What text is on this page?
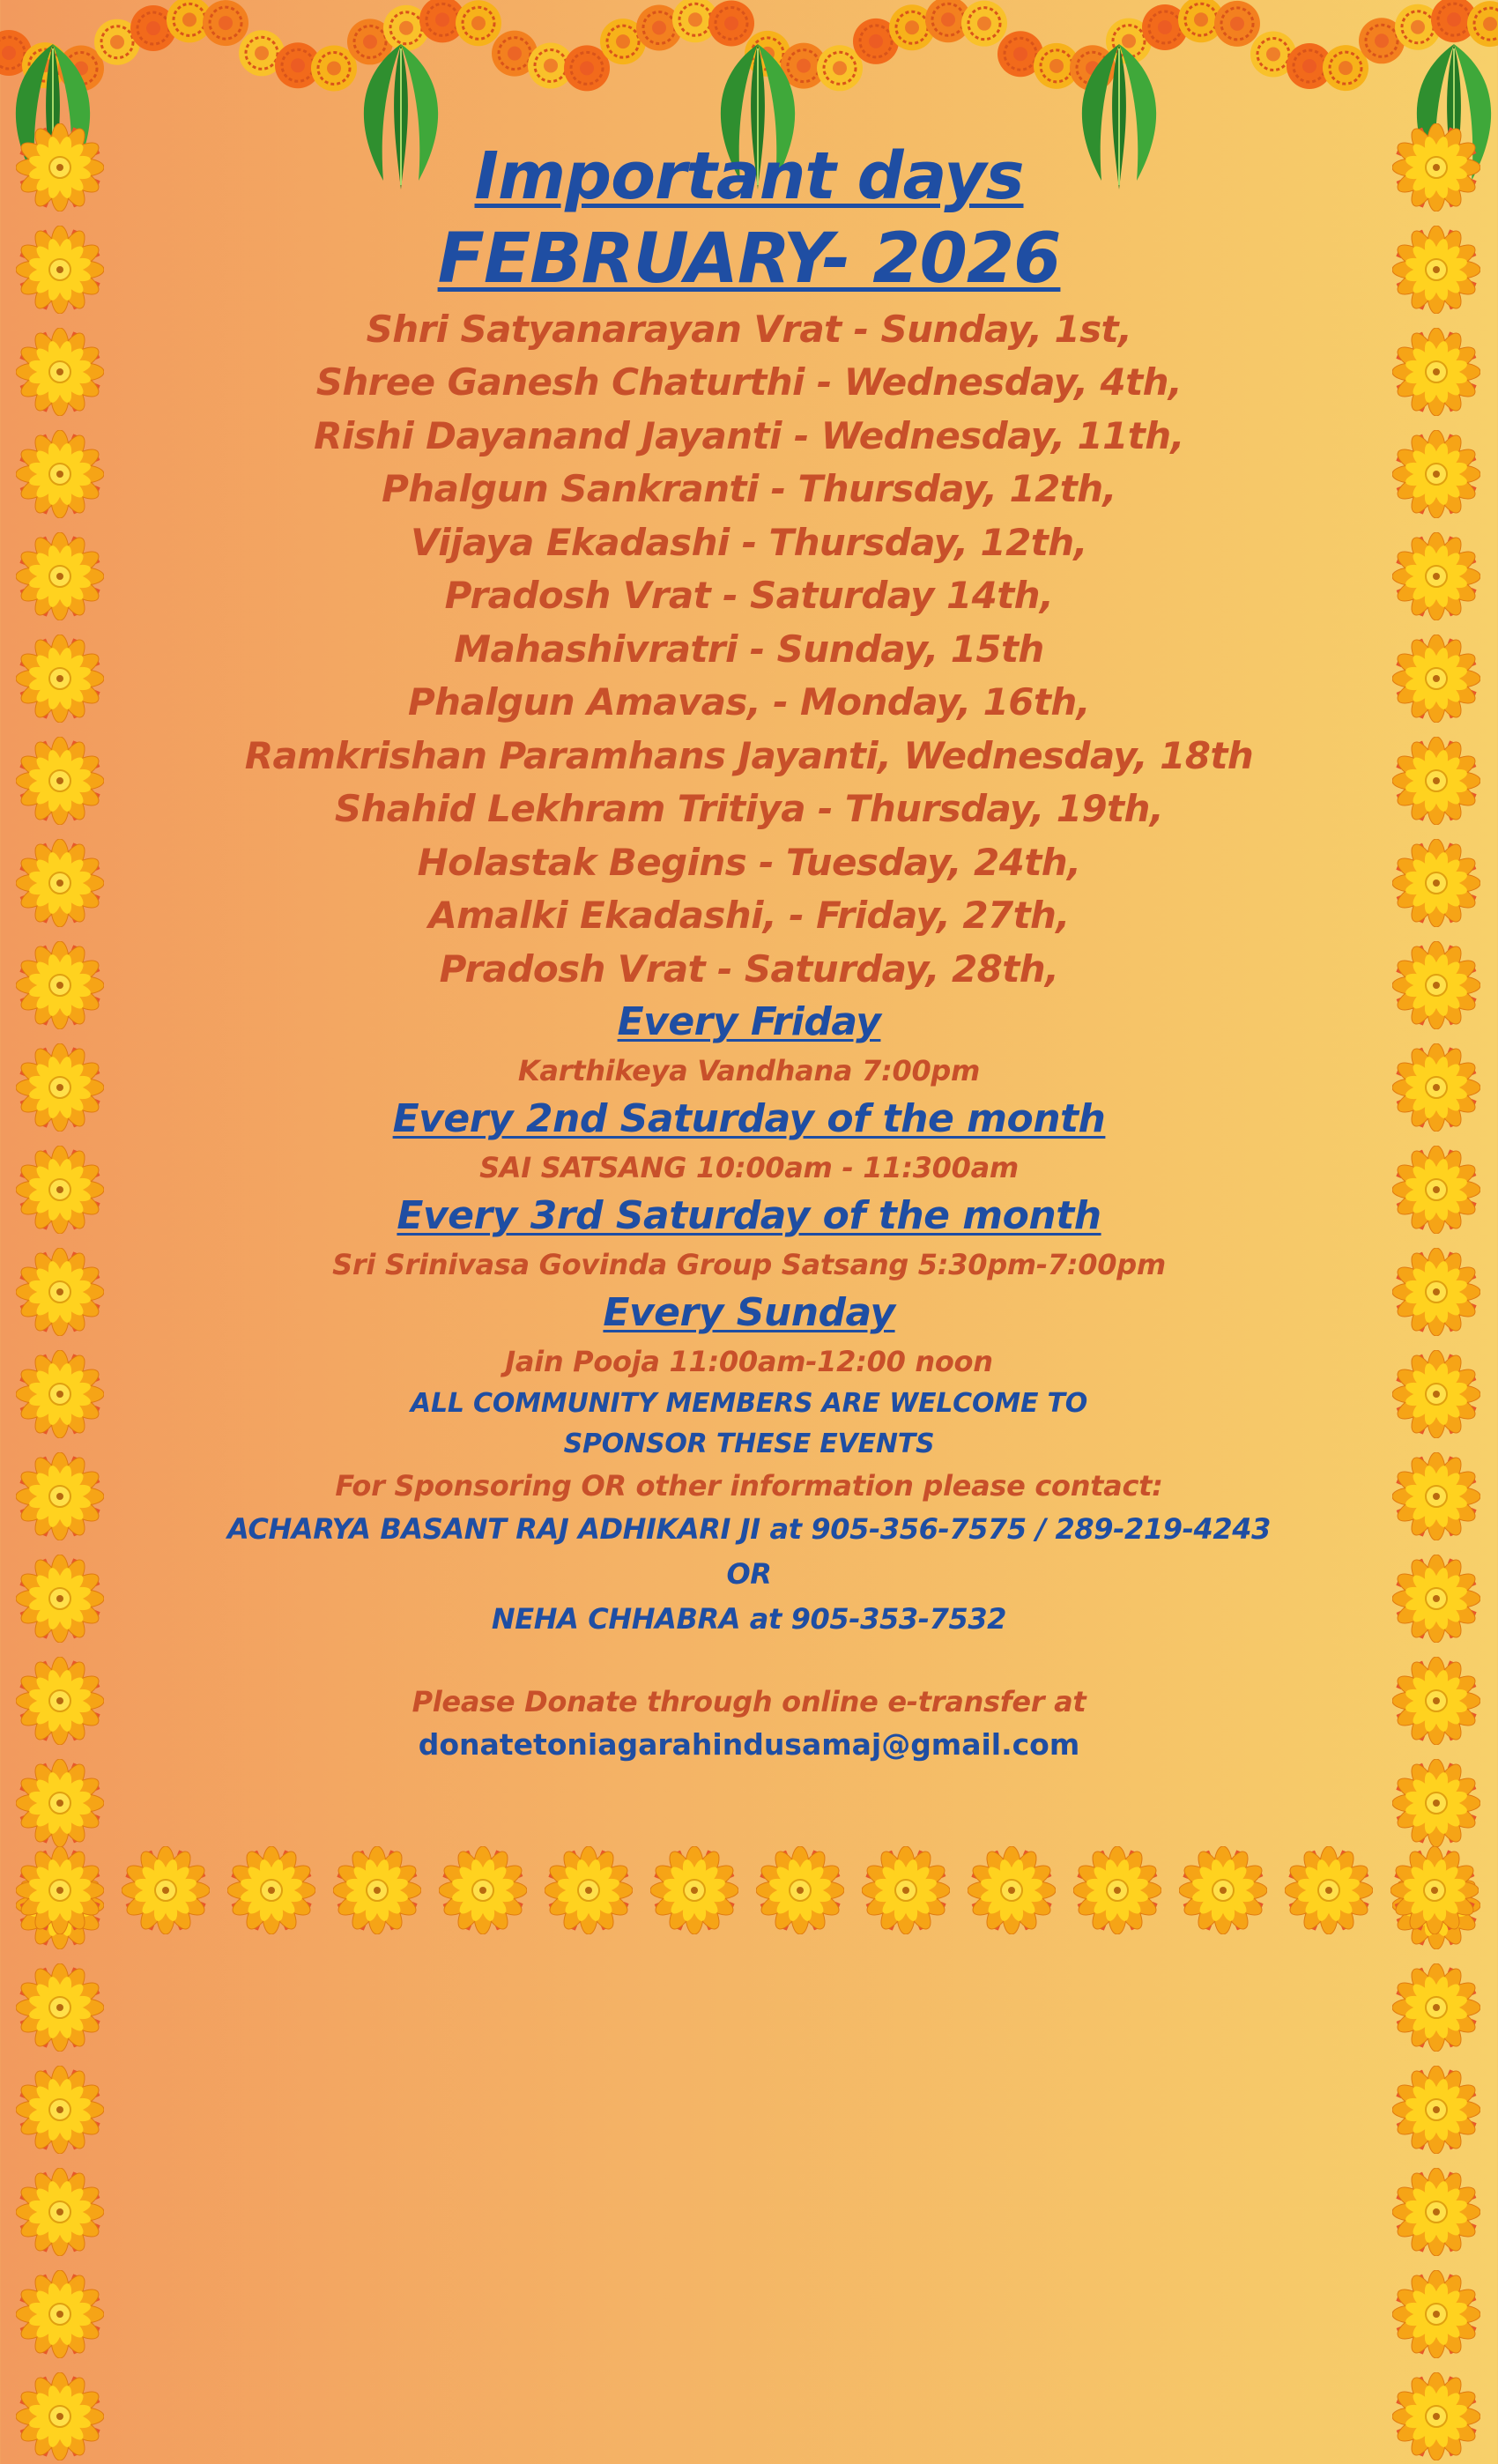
Important days
FEBRUARY- 2026
Shri Satyanarayan Vrat - Sunday, 1st,
Shree Ganesh Chaturthi - Wednesday, 4th,
Rishi Dayanand Jayanti - Wednesday, 11th,
Phalgun Sankranti - Thursday, 12th,
Vijaya Ekadashi - Thursday, 12th,
Pradosh Vrat - Saturday 14th,
Mahashivratri - Sunday, 15th
Phalgun Amavas, - Monday, 16th,
Ramkrishan Paramhans Jayanti, Wednesday, 18th
Shahid Lekhram Tritiya - Thursday, 19th,
Holastak Begins - Tuesday, 24th,
Amalki Ekadashi, - Friday, 27th,
Pradosh Vrat - Saturday, 28th,
Every Friday
Karthikeya Vandhana 7:00pm
Every 2nd Saturday of the month
SAI SATSANG 10:00am - 11:300am
Every 3rd Saturday of the month
Sri Srinivasa Govinda Group Satsang 5:30pm-7:00pm
Every Sunday
Jain Pooja 11:00am-12:00 noon
ALL COMMUNITY MEMBERS ARE WELCOME TO
SPONSOR THESE EVENTS
For Sponsoring OR other information please contact:
ACHARYA BASANT RAJ ADHIKARI JI at 905-356-7575 / 289-219-4243
OR
NEHA CHHABRA at 905-353-7532
Please Donate through online e-transfer at
donatetoniagarahindusamaj@gmail.com
